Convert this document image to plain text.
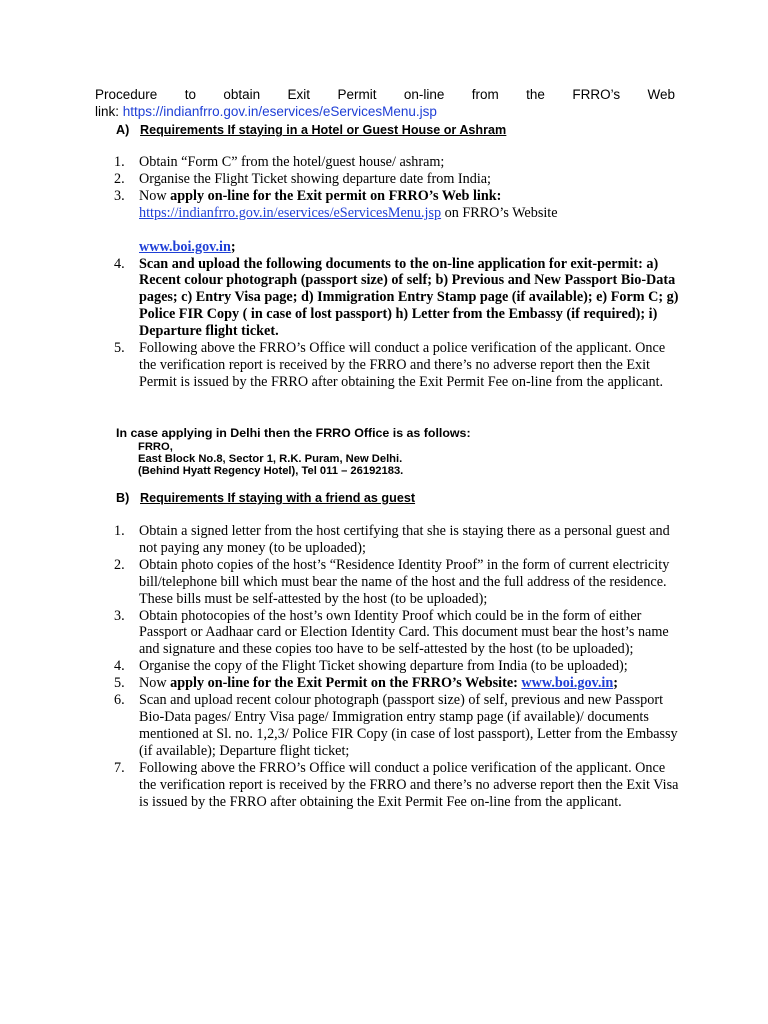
Procedure to obtain Exit Permit on-line from the FRRO’s Web
link: https://indianfrro.gov.in/eservices/eServicesMenu.jsp
A) Requirements If staying in a Hotel or Guest House or Ashram
1.	Obtain “Form C” from the hotel/guest house/ ashram;
2.	Organise the Flight Ticket showing departure date from India;
3.	Now apply on-line for the Exit permit on FRRO’s Web link: https://indianfrro.gov.in/eservices/eServicesMenu.jsp on FRRO’s Website
www.boi.gov.in;
4.	Scan and upload the following documents to the on-line application for exit-permit: a) Recent colour photograph (passport size) of self; b) Previous and New Passport Bio-Data pages; c) Entry Visa page; d) Immigration Entry Stamp page (if available); e) Form C; g) Police FIR Copy ( in case of lost passport) h) Letter from the Embassy (if required); i) Departure flight ticket.
5.	Following above the FRRO’s Office will conduct a police verification of the applicant. Once the verification report is received by the FRRO and there’s no adverse report then the Exit Permit is issued by the FRRO after obtaining the Exit Permit Fee on-line from the applicant.
In case applying in Delhi then the FRRO Office is as follows:
FRRO,
East Block No.8, Sector 1, R.K. Puram, New Delhi.
(Behind Hyatt Regency Hotel), Tel 011 – 26192183.
B) Requirements If staying with a friend as guest
1.	Obtain a signed letter from the host certifying that she is staying there as a personal guest and not paying any money (to be uploaded);
2.	Obtain photo copies of the host’s “Residence Identity Proof” in the form of current electricity bill/telephone bill which must bear the name of the host and the full address of the residence. These bills must be self-attested by the host (to be uploaded);
3.	Obtain photocopies of the host’s own Identity Proof which could be in the form of either Passport or Aadhaar card or Election Identity Card. This document must bear the host’s name and signature and these copies too have to be self-attested by the host (to be uploaded);
4.	Organise the copy of the Flight Ticket showing departure from India (to be uploaded);
5.	Now apply on-line for the Exit Permit on the FRRO’s Website: www.boi.gov.in;
6.	Scan and upload recent colour photograph (passport size) of self, previous and new Passport Bio-Data pages/ Entry Visa page/ Immigration entry stamp page (if available)/ documents mentioned at Sl. no. 1,2,3/ Police FIR Copy (in case of lost passport), Letter from the Embassy (if available); Departure flight ticket;
7.	Following above the FRRO’s Office will conduct a police verification of the applicant. Once the verification report is received by the FRRO and there’s no adverse report then the Exit Visa is issued by the FRRO after obtaining the Exit Permit Fee on-line from the applicant.
